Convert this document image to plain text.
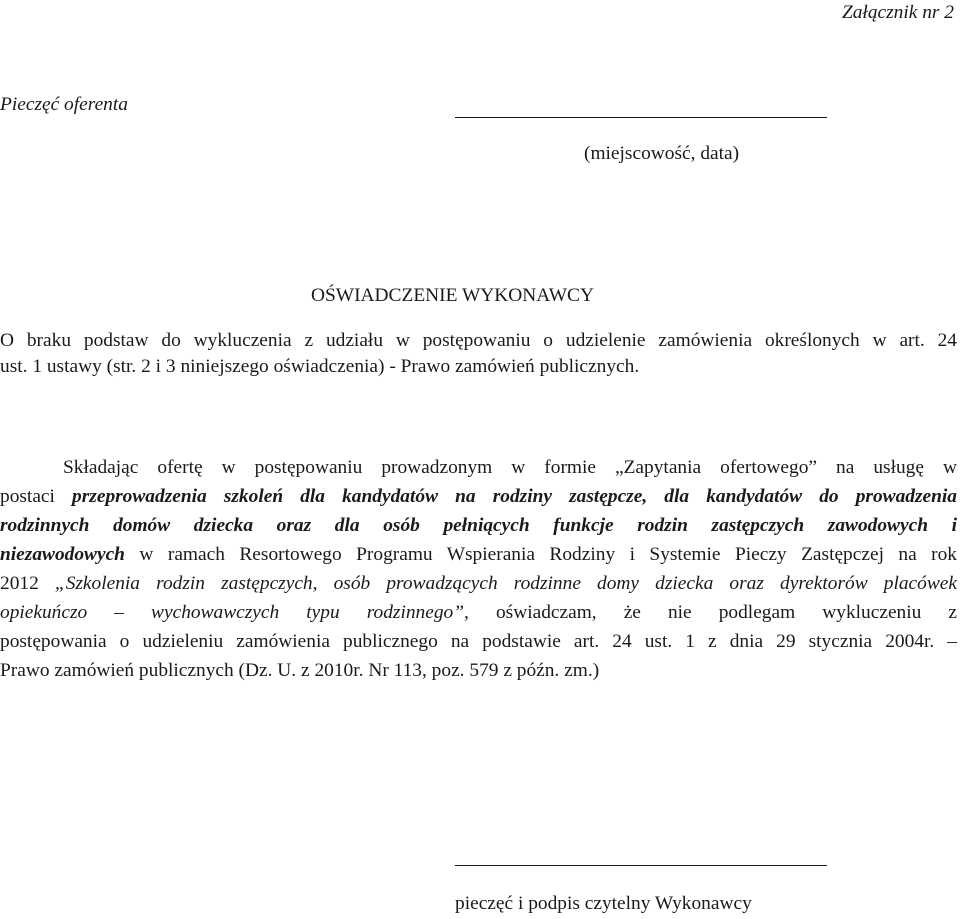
Załącznik nr 2
Pieczęć oferenta
(miejscowość, data)
OŚWIADCZENIE WYKONAWCY
O braku podstaw do wykluczenia z udziału w postępowaniu o udzielenie zamówienia określonych w art. 24
ust. 1 ustawy (str. 2 i 3 niniejszego oświadczenia) - Prawo zamówień publicznych.
Składając ofertę w postępowaniu prowadzonym w formie „Zapytania ofertowego” na usługę w
postaci przeprowadzenia szkoleń dla kandydatów na rodziny zastępcze, dla kandydatów do prowadzenia
rodzinnych domów dziecka oraz dla osób pełniących funkcje rodzin zastępczych zawodowych i
niezawodowych w ramach Resortowego Programu Wspierania Rodziny i Systemie Pieczy Zastępczej na rok
2012 „Szkolenia rodzin zastępczych, osób prowadzących rodzinne domy dziecka oraz dyrektorów placówek
opiekuńczo – wychowawczych typu rodzinnego”, oświadczam, że nie podlegam wykluczeniu z
postępowania o udzieleniu zamówienia publicznego na podstawie art. 24 ust. 1 z dnia 29 stycznia 2004r. –
Prawo zamówień publicznych (Dz. U. z 2010r. Nr 113, poz. 579 z późn. zm.)
pieczęć i podpis czytelny Wykonawcy
